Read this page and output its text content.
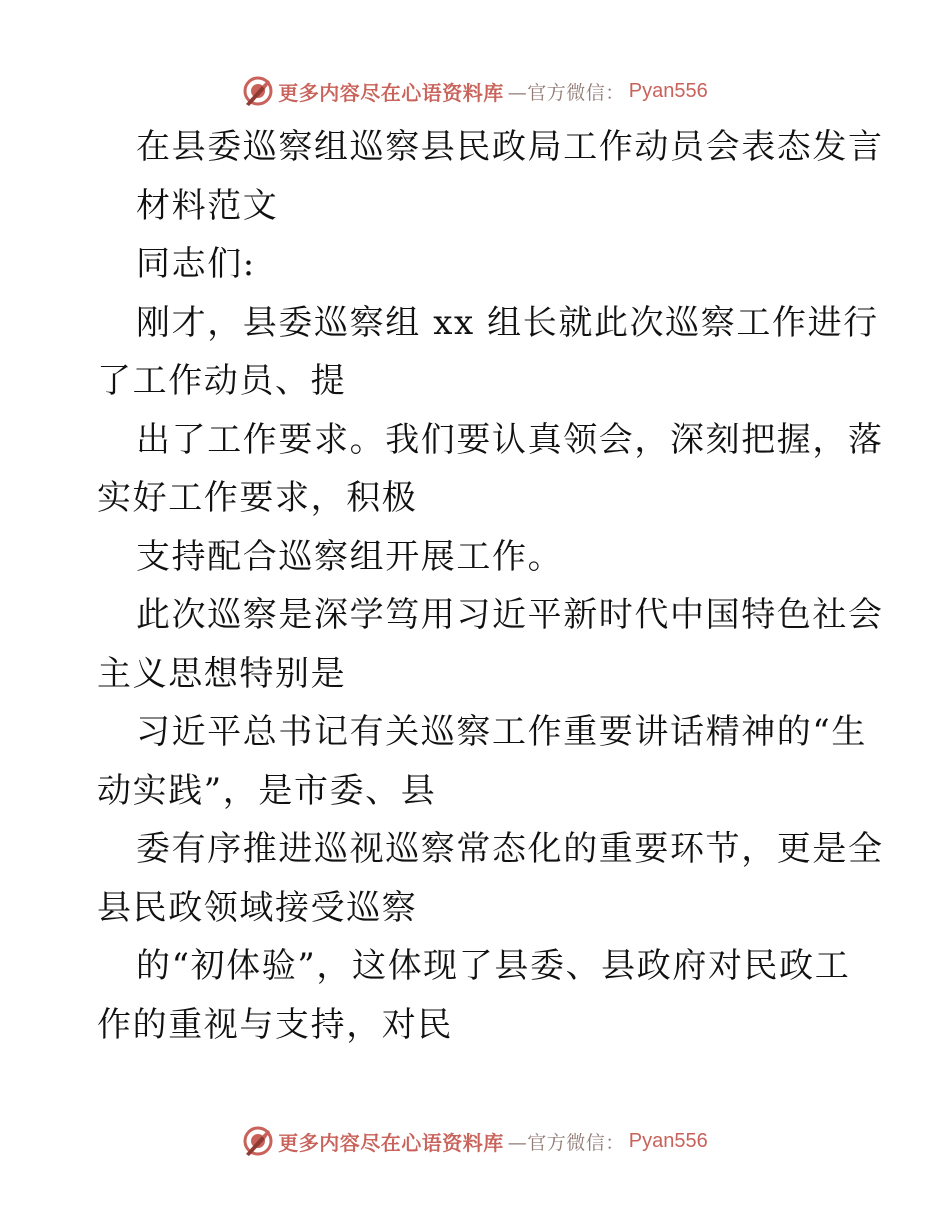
更多内容尽在心语资料库 —官方微信： Pyan556
在县委巡察组巡察县民政局工作动员会表态发言
材料范文
同志们:
刚才，县委巡察组 xx 组长就此次巡察工作进行
了工作动员、提
出了工作要求。我们要认真领会，深刻把握，落
实好工作要求，积极
支持配合巡察组开展工作。
此次巡察是深学笃用习近平新时代中国特色社会
主义思想特别是
习近平总书记有关巡察工作重要讲话精神的“生
动实践”，是市委、县
委有序推进巡视巡察常态化的重要环节，更是全
县民政领域接受巡察
的“初体验”，这体现了县委、县政府对民政工
作的重视与支持，对民
更多内容尽在心语资料库 —官方微信： Pyan556
